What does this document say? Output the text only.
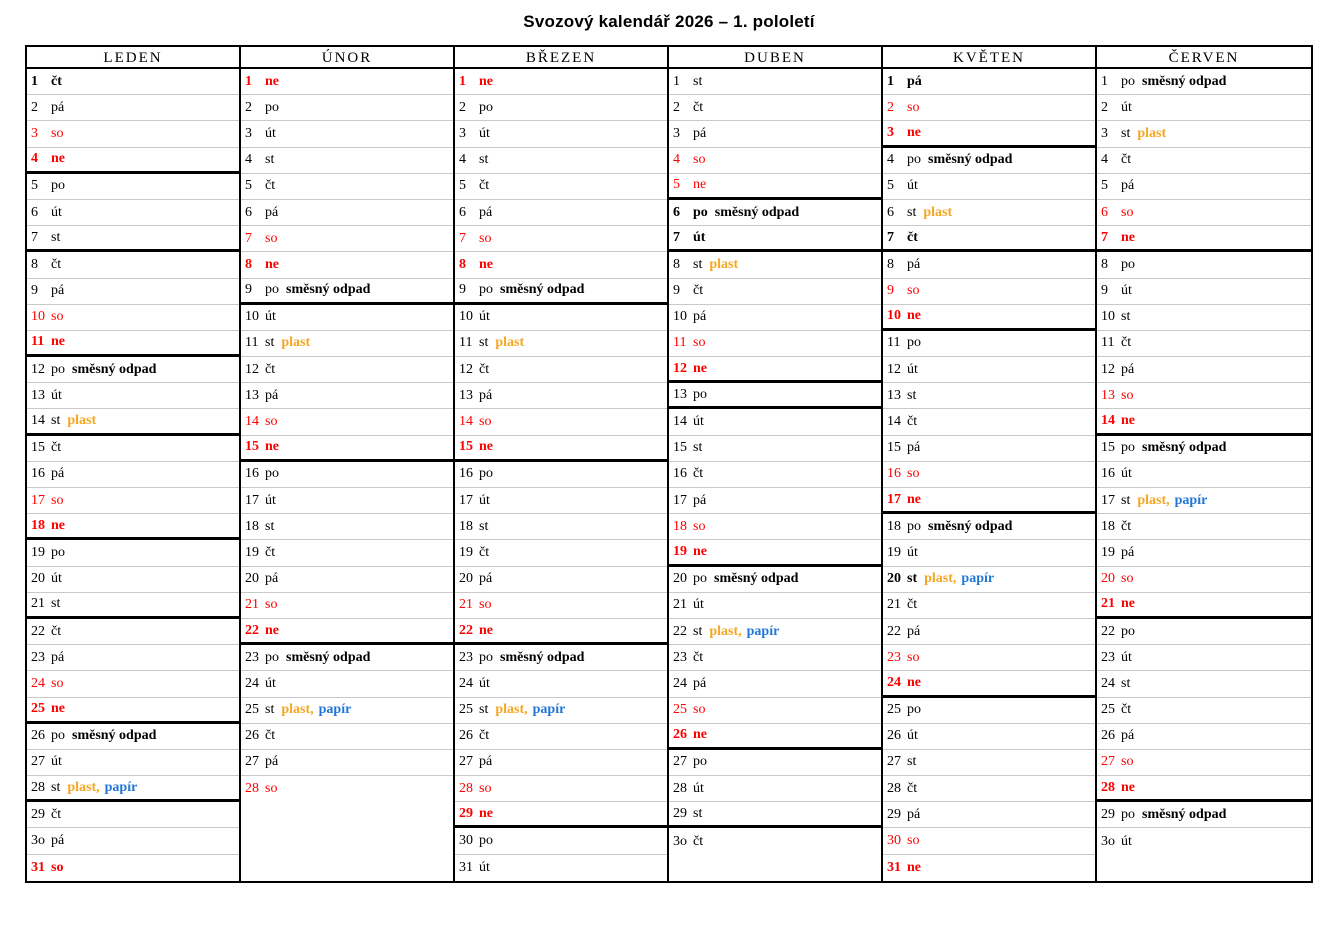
Svozový kalendář 2026 – 1. pololetí
LEDEN
1 čt
2 pá
3 so
4 ne
5 po
6 út
7 st
8 čt
9 pá
10 so
11 ne
12 po směsný odpad
13 út
14 st plast
15 čt
16 pá
17 so
18 ne
19 po
20 út
21 st
22 čt
23 pá
24 so
25 ne
26 po směsný odpad
27 út
28 st plast, papír
29 čt
3o pá
31 so
ÚNOR
1 ne
2 po
3 út
4 st
5 čt
6 pá
7 so
8 ne
9 po směsný odpad
10 út
11 st plast
12 čt
13 pá
14 so
15 ne
16 po
17 út
18 st
19 čt
20 pá
21 so
22 ne
23 po směsný odpad
24 út
25 st plast, papír
26 čt
27 pá
28 so
BŘEZEN
1 ne
2 po
3 út
4 st
5 čt
6 pá
7 so
8 ne
9 po směsný odpad
10 út
11 st plast
12 čt
13 pá
14 so
15 ne
16 po
17 út
18 st
19 čt
20 pá
21 so
22 ne
23 po směsný odpad
24 út
25 st plast, papír
26 čt
27 pá
28 so
29 ne
30 po
31 út
DUBEN
1 st
2 čt
3 pá
4 so
5 ne
6 po směsný odpad
7 út
8 st plast
9 čt
10 pá
11 so
12 ne
13 po
14 út
15 st
16 čt
17 pá
18 so
19 ne
20 po směsný odpad
21 út
22 st plast, papír
23 čt
24 pá
25 so
26 ne
27 po
28 út
29 st
3o čt
KVĚTEN
1 pá
2 so
3 ne
4 po směsný odpad
5 út
6 st plast
7 čt
8 pá
9 so
10 ne
11 po
12 út
13 st
14 čt
15 pá
16 so
17 ne
18 po směsný odpad
19 út
20 st plast, papír
21 čt
22 pá
23 so
24 ne
25 po
26 út
27 st
28 čt
29 pá
30 so
31 ne
ČERVEN
1 po směsný odpad
2 út
3 st plast
4 čt
5 pá
6 so
7 ne
8 po
9 út
10 st
11 čt
12 pá
13 so
14 ne
15 po směsný odpad
16 út
17 st plast, papír
18 čt
19 pá
20 so
21 ne
22 po
23 út
24 st
25 čt
26 pá
27 so
28 ne
29 po směsný odpad
3o út
